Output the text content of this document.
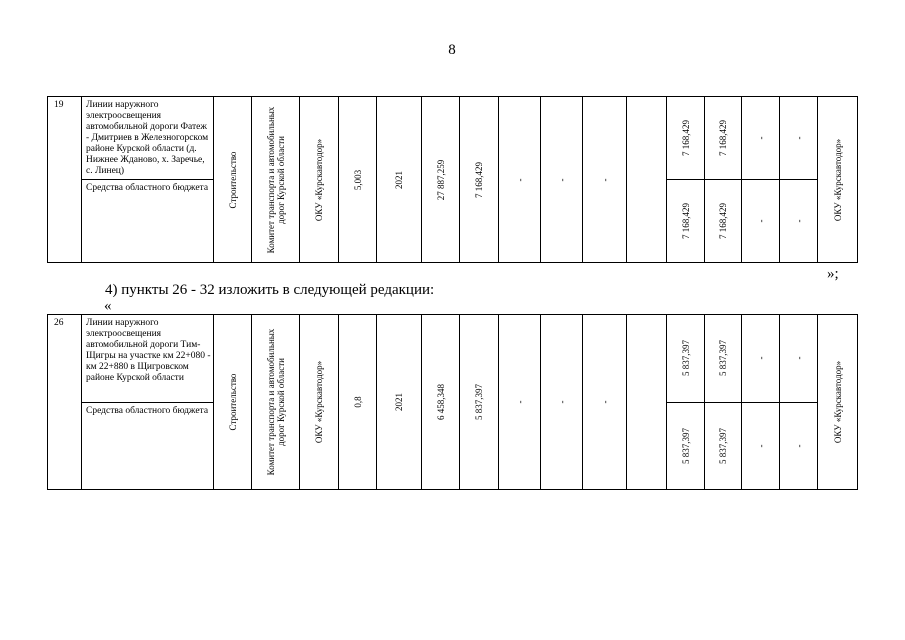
8
19	Линии наружного электроосвещения автомобильной дороги Фатеж - Дмитриев в Железногорском районе Курской области (д. Нижнее Жданово, х. Заречье, с. Линец)	Строительство	Комитет транспорта и автомобильных дорог Курской области	ОКУ «Курскавтодор»	5,003	2021	27 887,259	7 168,429	-	-	-		7 168,429	7 168,429	-	-	ОКУ «Курскавтодор»

	Средства областного бюджета												7 168,429	7 168,429	-	-	
»;
4) пункты 26 - 32 изложить в следующей редакции:
«
26	Линии наружного электроосвещения автомобильной дороги Тим-Щигры на участке км 22+080 - км 22+880 в Щигровском районе Курской области	Строительство	Комитет транспорта и автомобильных дорог Курской области	ОКУ «Курскавтодор»	0,8	2021	6 458,348	5 837,397	-	-	-		5 837,397	5 837,397	-	-	ОКУ «Курскавтодор»

	Средства областного бюджета												5 837,397	5 837,397	-	-	
